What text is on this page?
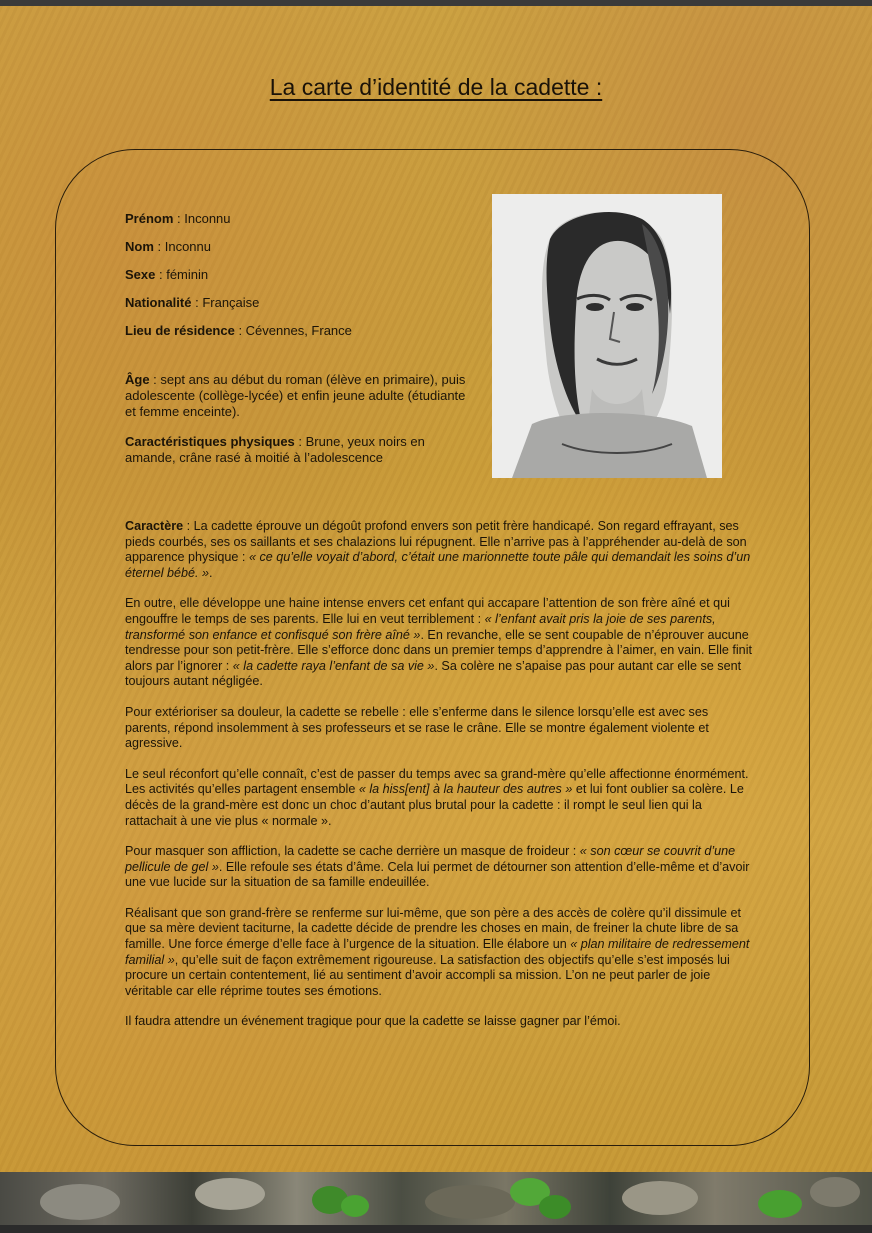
La carte d’identité de la cadette :
Prénom : Inconnu
Nom : Inconnu
Sexe : féminin
Nationalité : Française
Lieu de résidence : Cévennes, France
Âge : sept ans au début du roman (élève en primaire), puis adolescente (collège-lycée) et enfin jeune adulte (étudiante et femme enceinte).
Caractéristiques physiques : Brune, yeux noirs en amande, crâne rasé à moitié à l’adolescence

Caractère : La cadette éprouve un dégoût profond envers son petit frère handicapé. Son regard effrayant, ses pieds courbés, ses os saillants et ses chalazions lui répugnent. Elle n’arrive pas à l’appréhender au-delà de son apparence physique : « ce qu’elle voyait d’abord, c’était une marionnette toute pâle qui demandait les soins d’un éternel bébé. ».

En outre, elle développe une haine intense envers cet enfant qui accapare l’attention de son frère aîné et qui engouffre le temps de ses parents. Elle lui en veut terriblement : « l’enfant avait pris la joie de ses parents, transformé son enfance et confisqué son frère aîné ». En revanche, elle se sent coupable de n’éprouver aucune tendresse pour son petit-frère. Elle s’efforce donc dans un premier temps d’apprendre à l’aimer, en vain. Elle finit alors par l’ignorer : « la cadette raya l’enfant de sa vie ». Sa colère ne s’apaise pas pour autant car elle se sent toujours autant négligée.

Pour extérioriser sa douleur, la cadette se rebelle : elle s’enferme dans le silence lorsqu’elle est avec ses parents, répond insolemment à ses professeurs et se rase le crâne. Elle se montre également violente et agressive.

Le seul réconfort qu’elle connaît, c’est de passer du temps avec sa grand-mère qu’elle affectionne énormément. Les activités qu’elles partagent ensemble « la hiss[ent] à la hauteur des autres » et lui font oublier sa colère. Le décès de la grand-mère est donc un choc d’autant plus brutal pour la cadette : il rompt le seul lien qui la rattachait à une vie plus « normale ».

Pour masquer son affliction, la cadette se cache derrière un masque de froideur : « son cœur se couvrit d’une pellicule de gel ». Elle refoule ses états d’âme. Cela lui permet de détourner son attention d’elle-même et d’avoir une vue lucide sur la situation de sa famille endeuillée.

Réalisant que son grand-frère se renferme sur lui-même, que son père a des accès de colère qu’il dissimule et que sa mère devient taciturne, la cadette décide de prendre les choses en main, de freiner la chute libre de sa famille. Une force émerge d’elle face à l’urgence de la situation. Elle élabore un « plan militaire de redressement familial », qu’elle suit de façon extrêmement rigoureuse. La satisfaction des objectifs qu’elle s’est imposés lui procure un certain contentement, lié au sentiment d’avoir accompli sa mission. L’on ne peut parler de joie véritable car elle réprime toutes ses émotions.

Il faudra attendre un événement tragique pour que la cadette se laisse gagner par l’émoi.
